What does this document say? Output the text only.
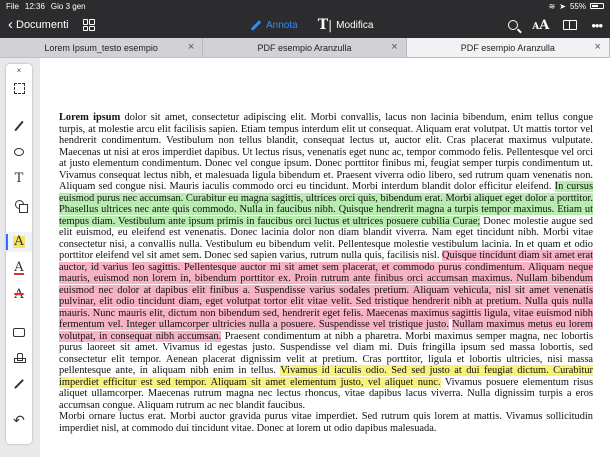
File 12:36 Gio 3 gen	≋ ➤ 55%
‹ Documenti	Annota T| Modifica	AA	•••
Lorem Ipsum_testo esempio	×	PDF esempio Aranzulla	×	PDF esempio Aranzulla	×
Lorem ipsum dolor sit amet, consectetur adipiscing elit. Morbi convallis, lacus non lacinia bibendum, enim tellus congue turpis, at molestie arcu elit facilisis sapien. Etiam tempus interdum elit ut consequat. Aliquam erat volutpat. Ut mattis tortor vel hendrerit condimentum. Vestibulum non tellus blandit, consequat lectus ut, auctor elit. Cras placerat maximus vulputate. Maecenas ut nisi at eros imperdiet dapibus. Ut lectus risus, venenatis eget nunc ac, tempor commodo felis. Pellentesque vel orci at justo elementum condimentum. Donec vel congue ipsum. Donec porttitor finibus mi, feugiat semper turpis condimentum ut. Vivamus consequat lectus nibh, et malesuada ligula bibendum et. Praesent viverra odio libero, sed rutrum quam venenatis non. Aliquam sed congue nisi. Mauris iaculis commodo orci eu tincidunt. Morbi interdum blandit dolor efficitur eleifend. In cursus euismod purus nec accumsan. Curabitur eu magna sagittis, ultrices orci quis, bibendum erat. Morbi aliquet eget dolor a porttitor. Phasellus ultrices nec ante quis commodo. Nulla in faucibus nibh. Quisque hendrerit magna a turpis tempor maximus. Etiam ut tempus diam. Vestibulum ante ipsum primis in faucibus orci luctus et ultrices posuere cubilia Curae; Donec molestie augue sed elit euismod, eu eleifend est venenatis. Donec lacinia dolor non diam blandit viverra. Nam eget tincidunt nibh. Morbi vitae consectetur nisi, a convallis nulla. Vestibulum eu bibendum velit. Pellentesque molestie vestibulum lacinia. In et quam et odio porttitor eleifend vel sit amet sem. Donec sed sapien varius, rutrum nulla quis, facilisis nisl. Quisque tincidunt diam sit amet erat auctor, id varius leo sagittis. Pellentesque auctor mi sit amet sem placerat, et commodo purus condimentum. Aliquam neque mauris, euismod non lorem in, bibendum porttitor ex. Proin rutrum ante finibus orci accumsan maximus. Nullam bibendum euismod nec dolor at dapibus elit finibus a. Suspendisse varius sodales pretium. Aliquam vehicula, nisl sit amet venenatis pulvinar, elit odio tincidunt diam, eget volutpat tortor elit vitae velit. Sed tristique hendrerit nibh at pretium. Nulla quis nulla mauris. Nunc mauris elit, dictum non bibendum sed, hendrerit eget felis. Maecenas maximus sagittis ligula, vitae euismod nibh fermentum vel. Integer ullamcorper ultricies nulla a posuere. Suspendisse vel tristique justo. Nullam maximus metus eu lorem volutpat, in consequat nibh accumsan. Praesent condimentum at nibh a pharetra. Morbi maximus semper magna, nec lobortis purus laoreet sit amet. Vivamus id egestas justo. Suspendisse vel diam mi. Duis fringilla ipsum sed massa lobortis, sed consectetur elit tempor. Aenean placerat dignissim velit at pretium. Cras porttitor, ligula et lobortis ultricies, nisi massa pellentesque ante, in aliquam nibh enim in tellus. Vivamus id iaculis odio. Sed sed justo at dui feugiat dictum. Curabitur imperdiet efficitur est sed tempor. Aliquam sit amet elementum justo, vel aliquet nunc. Vivamus posuere elementum risus aliquet ullamcorper. Maecenas rutrum magna nec lectus rhoncus, vitae dapibus lacus viverra. Nulla dignissim turpis a eros accumsan congue. Aliquam rutrum ac nec blandit faucibus.
Morbi ornare luctus erat. Morbi auctor gravida purus vitae imperdiet. Sed rutrum quis lorem at mattis. Vivamus sollicitudin imperdiet nisl, at commodo dui tincidunt vitae. Donec at lorem ut odio dapibus malesuada.
×
T
A
A
A
↶
